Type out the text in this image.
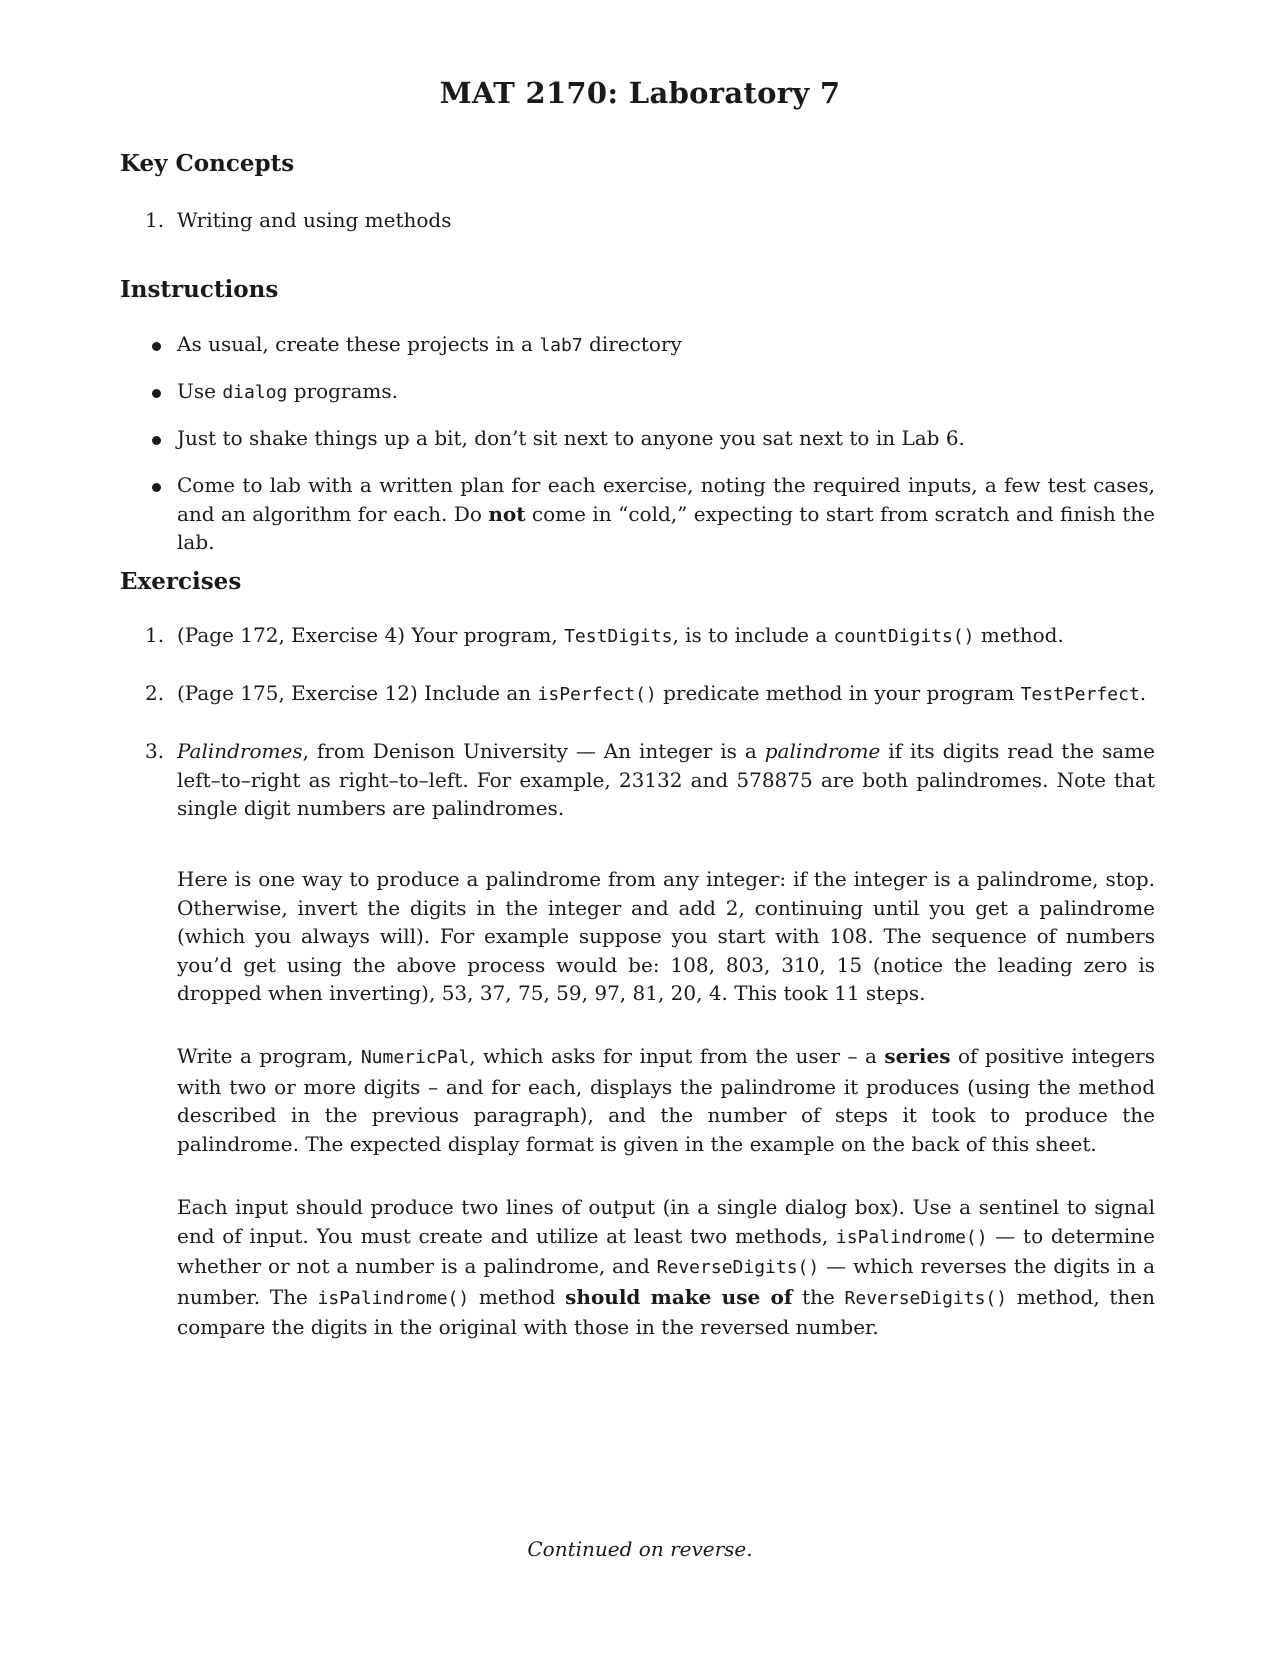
MAT 2170: Laboratory 7
Key Concepts
1. Writing and using methods
Instructions
As usual, create these projects in a lab7 directory
Use dialog programs.
Just to shake things up a bit, don’t sit next to anyone you sat next to in Lab 6.
Come to lab with a written plan for each exercise, noting the required inputs, a few test cases, and an algorithm for each. Do not come in “cold,” expecting to start from scratch and finish the lab.
Exercises
1. (Page 172, Exercise 4) Your program, TestDigits, is to include a countDigits() method.
2. (Page 175, Exercise 12) Include an isPerfect() predicate method in your program TestPerfect.
3. Palindromes, from Denison University — An integer is a palindrome if its digits read the same left–to–right as right–to–left. For example, 23132 and 578875 are both palindromes. Note that single digit numbers are palindromes.
Here is one way to produce a palindrome from any integer: if the integer is a palindrome, stop. Otherwise, invert the digits in the integer and add 2, continuing until you get a palindrome (which you always will). For example suppose you start with 108. The sequence of numbers you’d get using the above process would be: 108, 803, 310, 15 (notice the leading zero is dropped when inverting), 53, 37, 75, 59, 97, 81, 20, 4. This took 11 steps.
Write a program, NumericPal, which asks for input from the user – a series of positive integers with two or more digits – and for each, displays the palindrome it produces (using the method described in the previous paragraph), and the number of steps it took to produce the palindrome. The expected display format is given in the example on the back of this sheet.
Each input should produce two lines of output (in a single dialog box). Use a sentinel to signal end of input. You must create and utilize at least two methods, isPalindrome() — to determine whether or not a number is a palindrome, and ReverseDigits() — which reverses the digits in a number. The isPalindrome() method should make use of the ReverseDigits() method, then compare the digits in the original with those in the reversed number.
Continued on reverse.
